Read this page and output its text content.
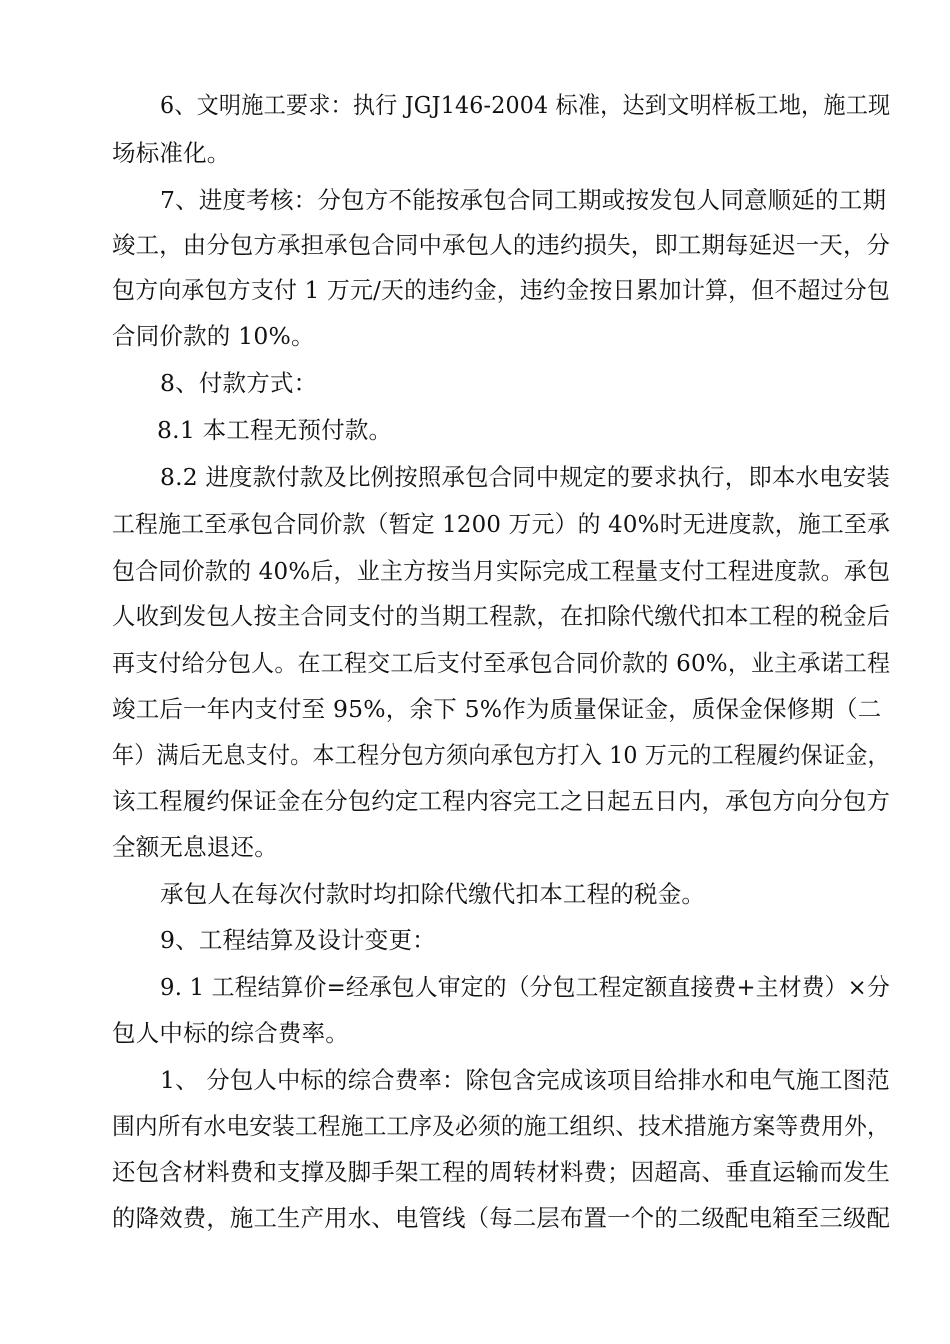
6、文明施工要求：执行 JGJ146-2004 标准，达到文明样板工地，施工现
场标准化。
7、进度考核：分包方不能按承包合同工期或按发包人同意顺延的工期
竣工，由分包方承担承包合同中承包人的违约损失，即工期每延迟一天，分
包方向承包方支付 1 万元/天的违约金，违约金按日累加计算，但不超过分包
合同价款的 10%。
8、付款方式：
8.1 本工程无预付款。
8.2 进度款付款及比例按照承包合同中规定的要求执行，即本水电安装
工程施工至承包合同价款（暂定 1200 万元）的 40%时无进度款，施工至承
包合同价款的 40%后，业主方按当月实际完成工程量支付工程进度款。承包
人收到发包人按主合同支付的当期工程款，在扣除代缴代扣本工程的税金后
再支付给分包人。在工程交工后支付至承包合同价款的 60%，业主承诺工程
竣工后一年内支付至 95%，余下 5%作为质量保证金，质保金保修期（二
年）满后无息支付。本工程分包方须向承包方打入 10 万元的工程履约保证金，
该工程履约保证金在分包约定工程内容完工之日起五日内，承包方向分包方
全额无息退还。
承包人在每次付款时均扣除代缴代扣本工程的税金。
9、工程结算及设计变更：
9. 1 工程结算价=经承包人审定的（分包工程定额直接费+主材费）×分
包人中标的综合费率。
1、 分包人中标的综合费率：除包含完成该项目给排水和电气施工图范
围内所有水电安装工程施工工序及必须的施工组织、技术措施方案等费用外，
还包含材料费和支撑及脚手架工程的周转材料费；因超高、垂直运输而发生
的降效费，施工生产用水、电管线（每二层布置一个的二级配电箱至三级配
